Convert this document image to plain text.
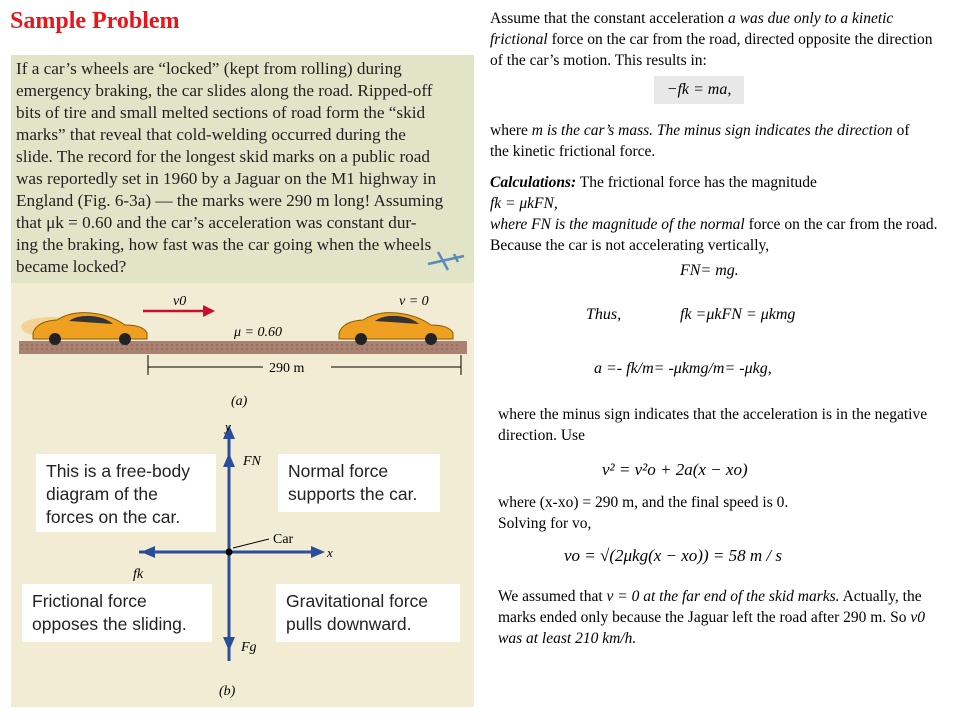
Sample Problem
If a car’s wheels are “locked” (kept from rolling) during
emergency braking, the car slides along the road. Ripped-off
bits of tire and small melted sections of road form the “skid
marks” that reveal that cold-welding occurred during the
slide. The record for the longest skid marks on a public road
was reportedly set in 1960 by a Jaguar on the M1 highway in
England (Fig. 6-3a) — the marks were 290 m long! Assuming
that μk = 0.60 and the car’s acceleration was constant dur-
ing the braking, how fast was the car going when the wheels
became locked?
v0	v = 0
μ = 0.60
290 m
(a)
y
x
FN
fk
Fg
Car
(b)
This is a free-body diagram of the forces on the car.
Normal force supports the car.
Frictional force opposes the sliding.
Gravitational force pulls downward.
Assume that the constant acceleration a was due only to a kinetic frictional force on the car from the road, directed opposite the direction of the car’s motion. This results in:
−fk = ma,
where m is the car’s mass. The minus sign indicates the direction of the kinetic frictional force.
Calculations: The frictional force has the magnitude
fk = μkFN,
where FN is the magnitude of the normal force on the car from the road. Because the car is not accelerating vertically,
FN= mg.
Thus,	fk =μkFN = μkmg
a =- fk/m= -μkmg/m= -μkg,
where the minus sign indicates that the acceleration is in the negative direction. Use
v² = v²o + 2a(x − xo)
where (x-xo) = 290 m, and the final speed is 0.
Solving for vo,
vo = √(2μkg(x − xo)) = 58 m / s
We assumed that v = 0 at the far end of the skid marks. Actually, the marks ended only because the Jaguar left the road after 290 m. So v0 was at least 210 km/h.
